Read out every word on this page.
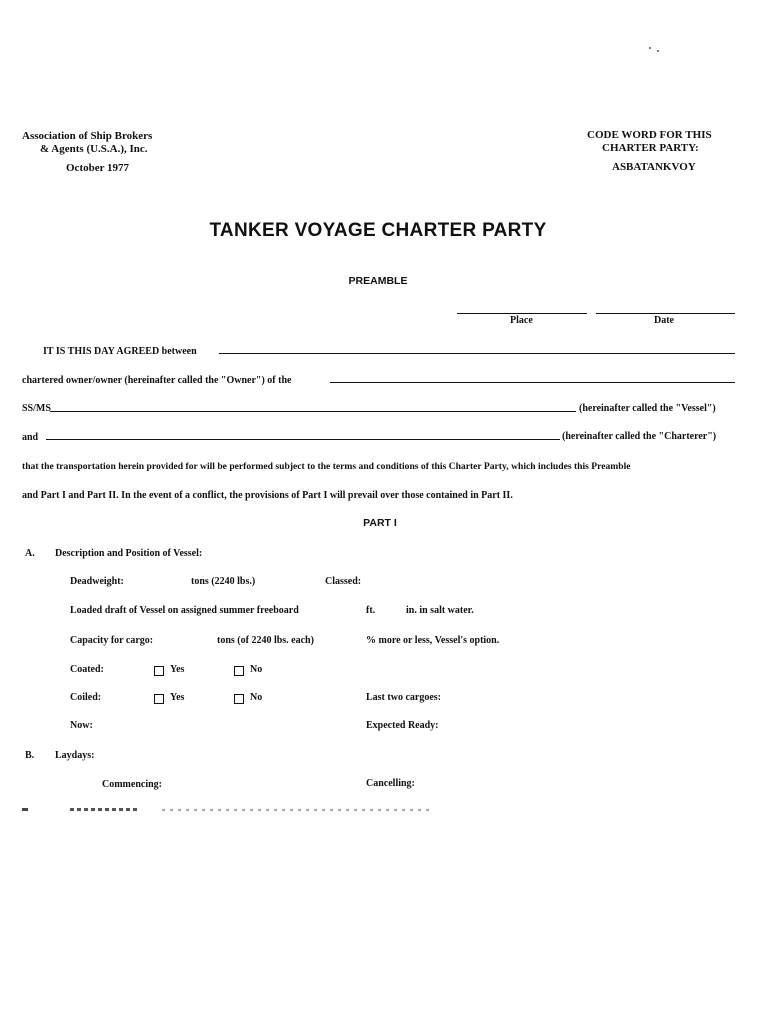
Association of Ship Brokers
& Agents (U.S.A.), Inc.
October 1977
CODE WORD FOR THIS
CHARTER PARTY:
ASBATANKVOY
TANKER VOYAGE CHARTER PARTY
PREAMBLE
Place	Date
IT IS THIS DAY AGREED between
chartered owner/owner (hereinafter called the "Owner") of the
SS/MS	(hereinafter called the "Vessel")
and	(hereinafter called the "Charterer")
that the transportation herein provided for will be performed subject to the terms and conditions of this Charter Party, which includes this Preamble
and Part I and Part II. In the event of a conflict, the provisions of Part I will prevail over those contained in Part II.
PART I
A. Description and Position of Vessel:
Deadweight:	tons (2240 lbs.)	Classed:
Loaded draft of Vessel on assigned summer freeboard	ft.	in. in salt water.
Capacity for cargo:	tons (of 2240 lbs. each)	% more or less, Vessel's option.
Coated:	Yes	No
Coiled:	Yes	No	Last two cargoes:
Now:	Expected Ready:
B. Laydays:
Commencing:	Cancelling:
